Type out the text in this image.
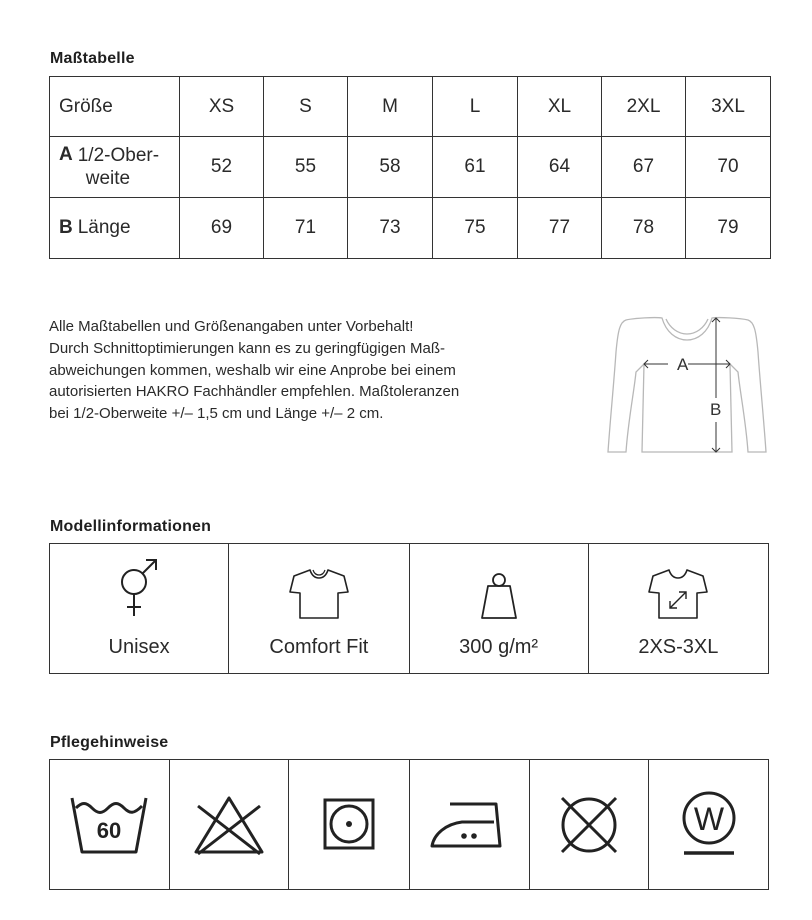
Maßtabelle
Größe	XS	S	M	L	XL	2XL	3XL

A 1/2-Ober-
weite	52	55	58	61	64	67	70
B Länge	69	71	73	75	77	78	79
Alle Maßtabellen und Größenangaben unter Vorbehalt!
Durch Schnittoptimierungen kann es zu geringfügigen Maß-
abweichungen kommen, weshalb wir eine Anprobe bei einem
autorisierten HAKRO Fachhändler empfehlen. Maßtoleranzen
bei 1/2-Oberweite +/– 1,5 cm und Länge +/– 2 cm.
A
B
Modellinformationen
Unisex	Comfort Fit	300 g/m²	2XS-3XL
Pflegehinweise
60	W
